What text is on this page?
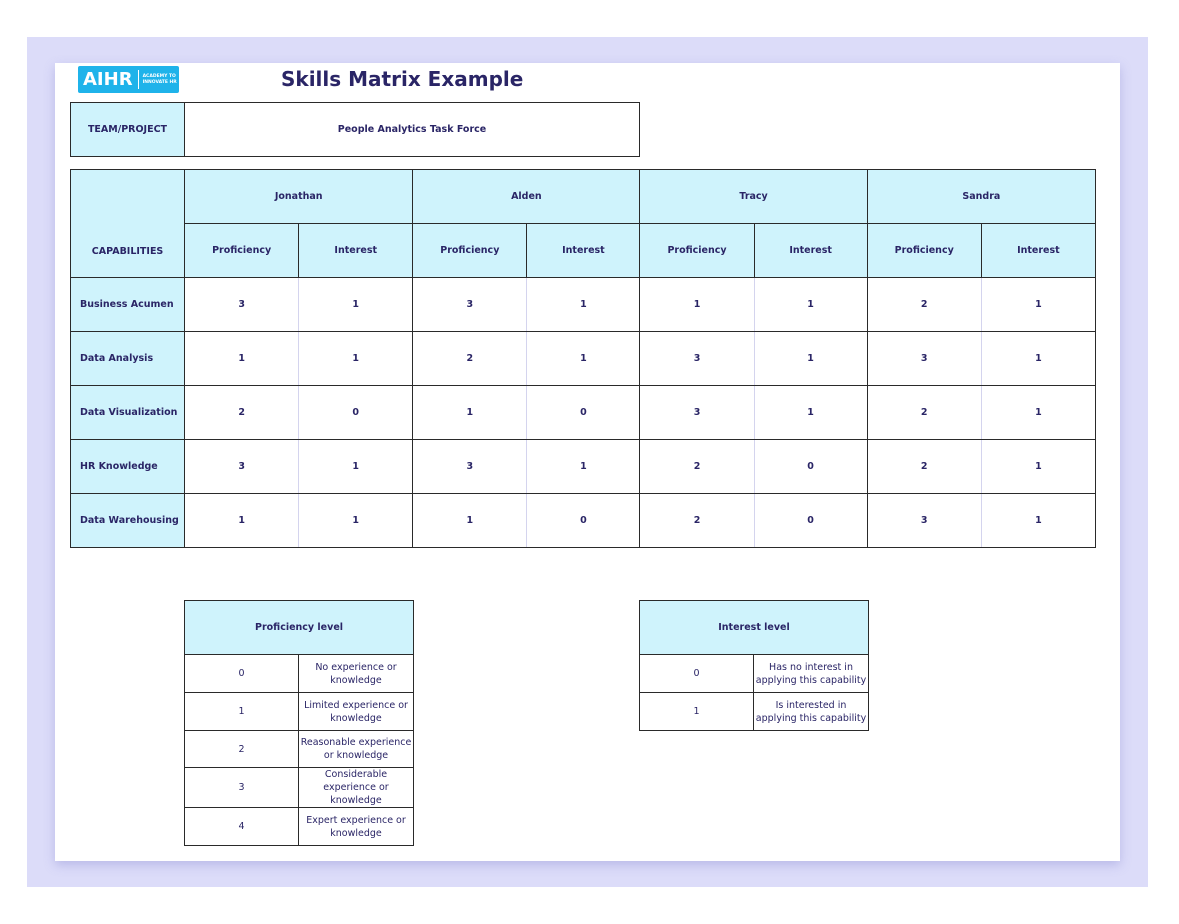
AIHR ACADEMY TO
INNOVATE HR	Skills Matrix Example
TEAM/PROJECT	People Analytics Task Force
CAPABILITIES	Jonathan		Alden		Tracy		Sandra	
	Proficiency	Interest	Proficiency	Interest	Proficiency	Interest	Proficiency	Interest
Business Acumen	3	1	3	1	1	1	2	1
Data Analysis	1	1	2	1	3	1	3	1
Data Visualization	2	0	1	0	3	1	2	1
HR Knowledge	3	1	3	1	2	0	2	1
Data Warehousing	1	1	1	0	2	0	3	1
Proficiency level	
0	No experience or knowledge
1	Limited experience or knowledge
2	Reasonable experience or knowledge
3	Considerable experience or knowledge
4	Expert experience or knowledge
Interest level	
0	Has no interest in applying this capability
1	Is interested in applying this capability
